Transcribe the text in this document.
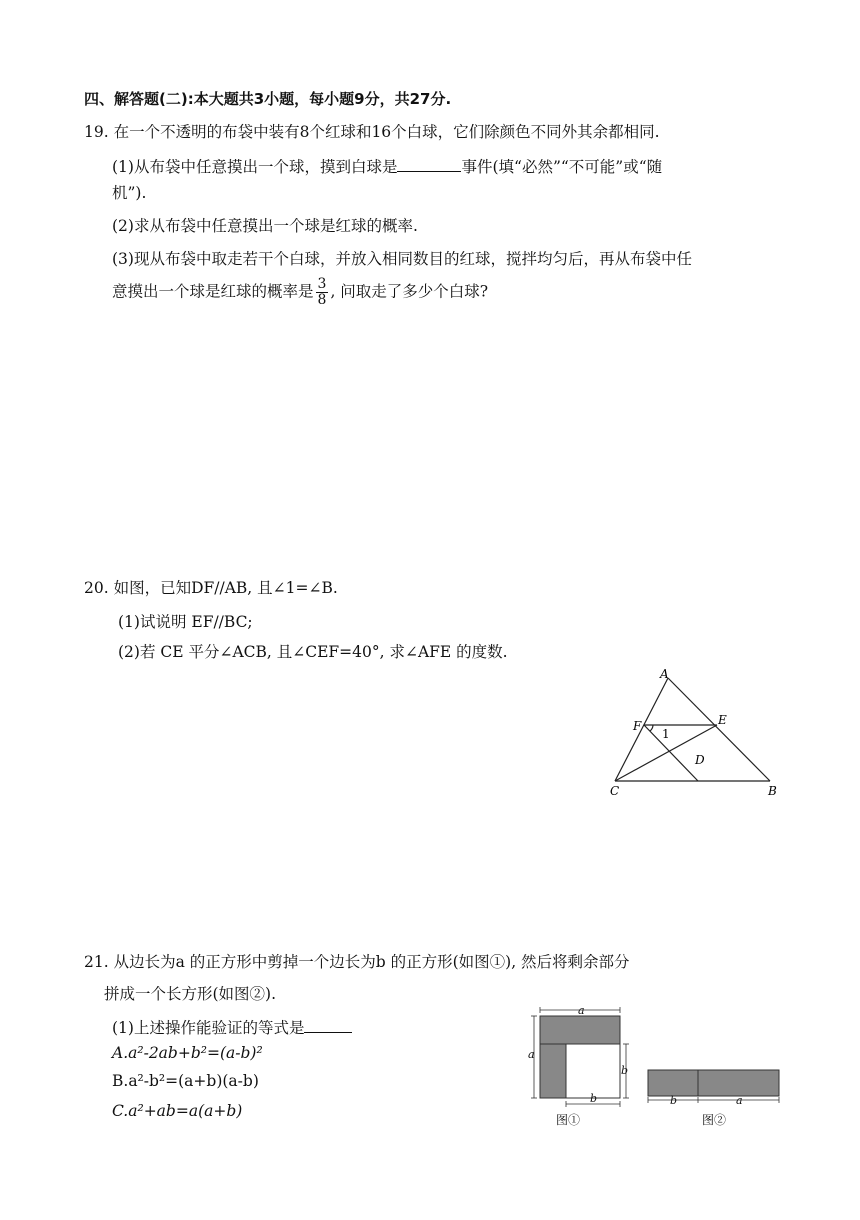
四、解答题(二):本大题共3小题，每小题9分，共27分.
19. 在一个不透明的布袋中装有8个红球和16个白球，它们除颜色不同外其余都相同.
(1)从布袋中任意摸出一个球，摸到白球是	事件(填“必然”“不可能”或“随
机”).
(2)求从布袋中任意摸出一个球是红球的概率.
(3)现从布袋中取走若干个白球，并放入相同数目的红球，搅拌均匀后，再从布袋中任
意摸出一个球是红球的概率是 $\frac{3}{8}$ , 问取走了多少个白球?
20. 如图，已知DF//AB, 且∠1=∠B.
(1)试说明 EF//BC;
(2)若 CE 平分∠ACB, 且∠CEF=40°, 求∠AFE 的度数.
A
F	E
1
D
C	B
21. 从边长为a 的正方形中剪掉一个边长为b 的正方形(如图①), 然后将剩余部分
拼成一个长方形(如图②).
(1)上述操作能验证的等式是
A.a²-2ab+b²=(a-b)²
B.a²-b²=(a+b)(a-b)
C.a²+ab=a(a+b)
a
a
b
b	b	a
图①	图②
